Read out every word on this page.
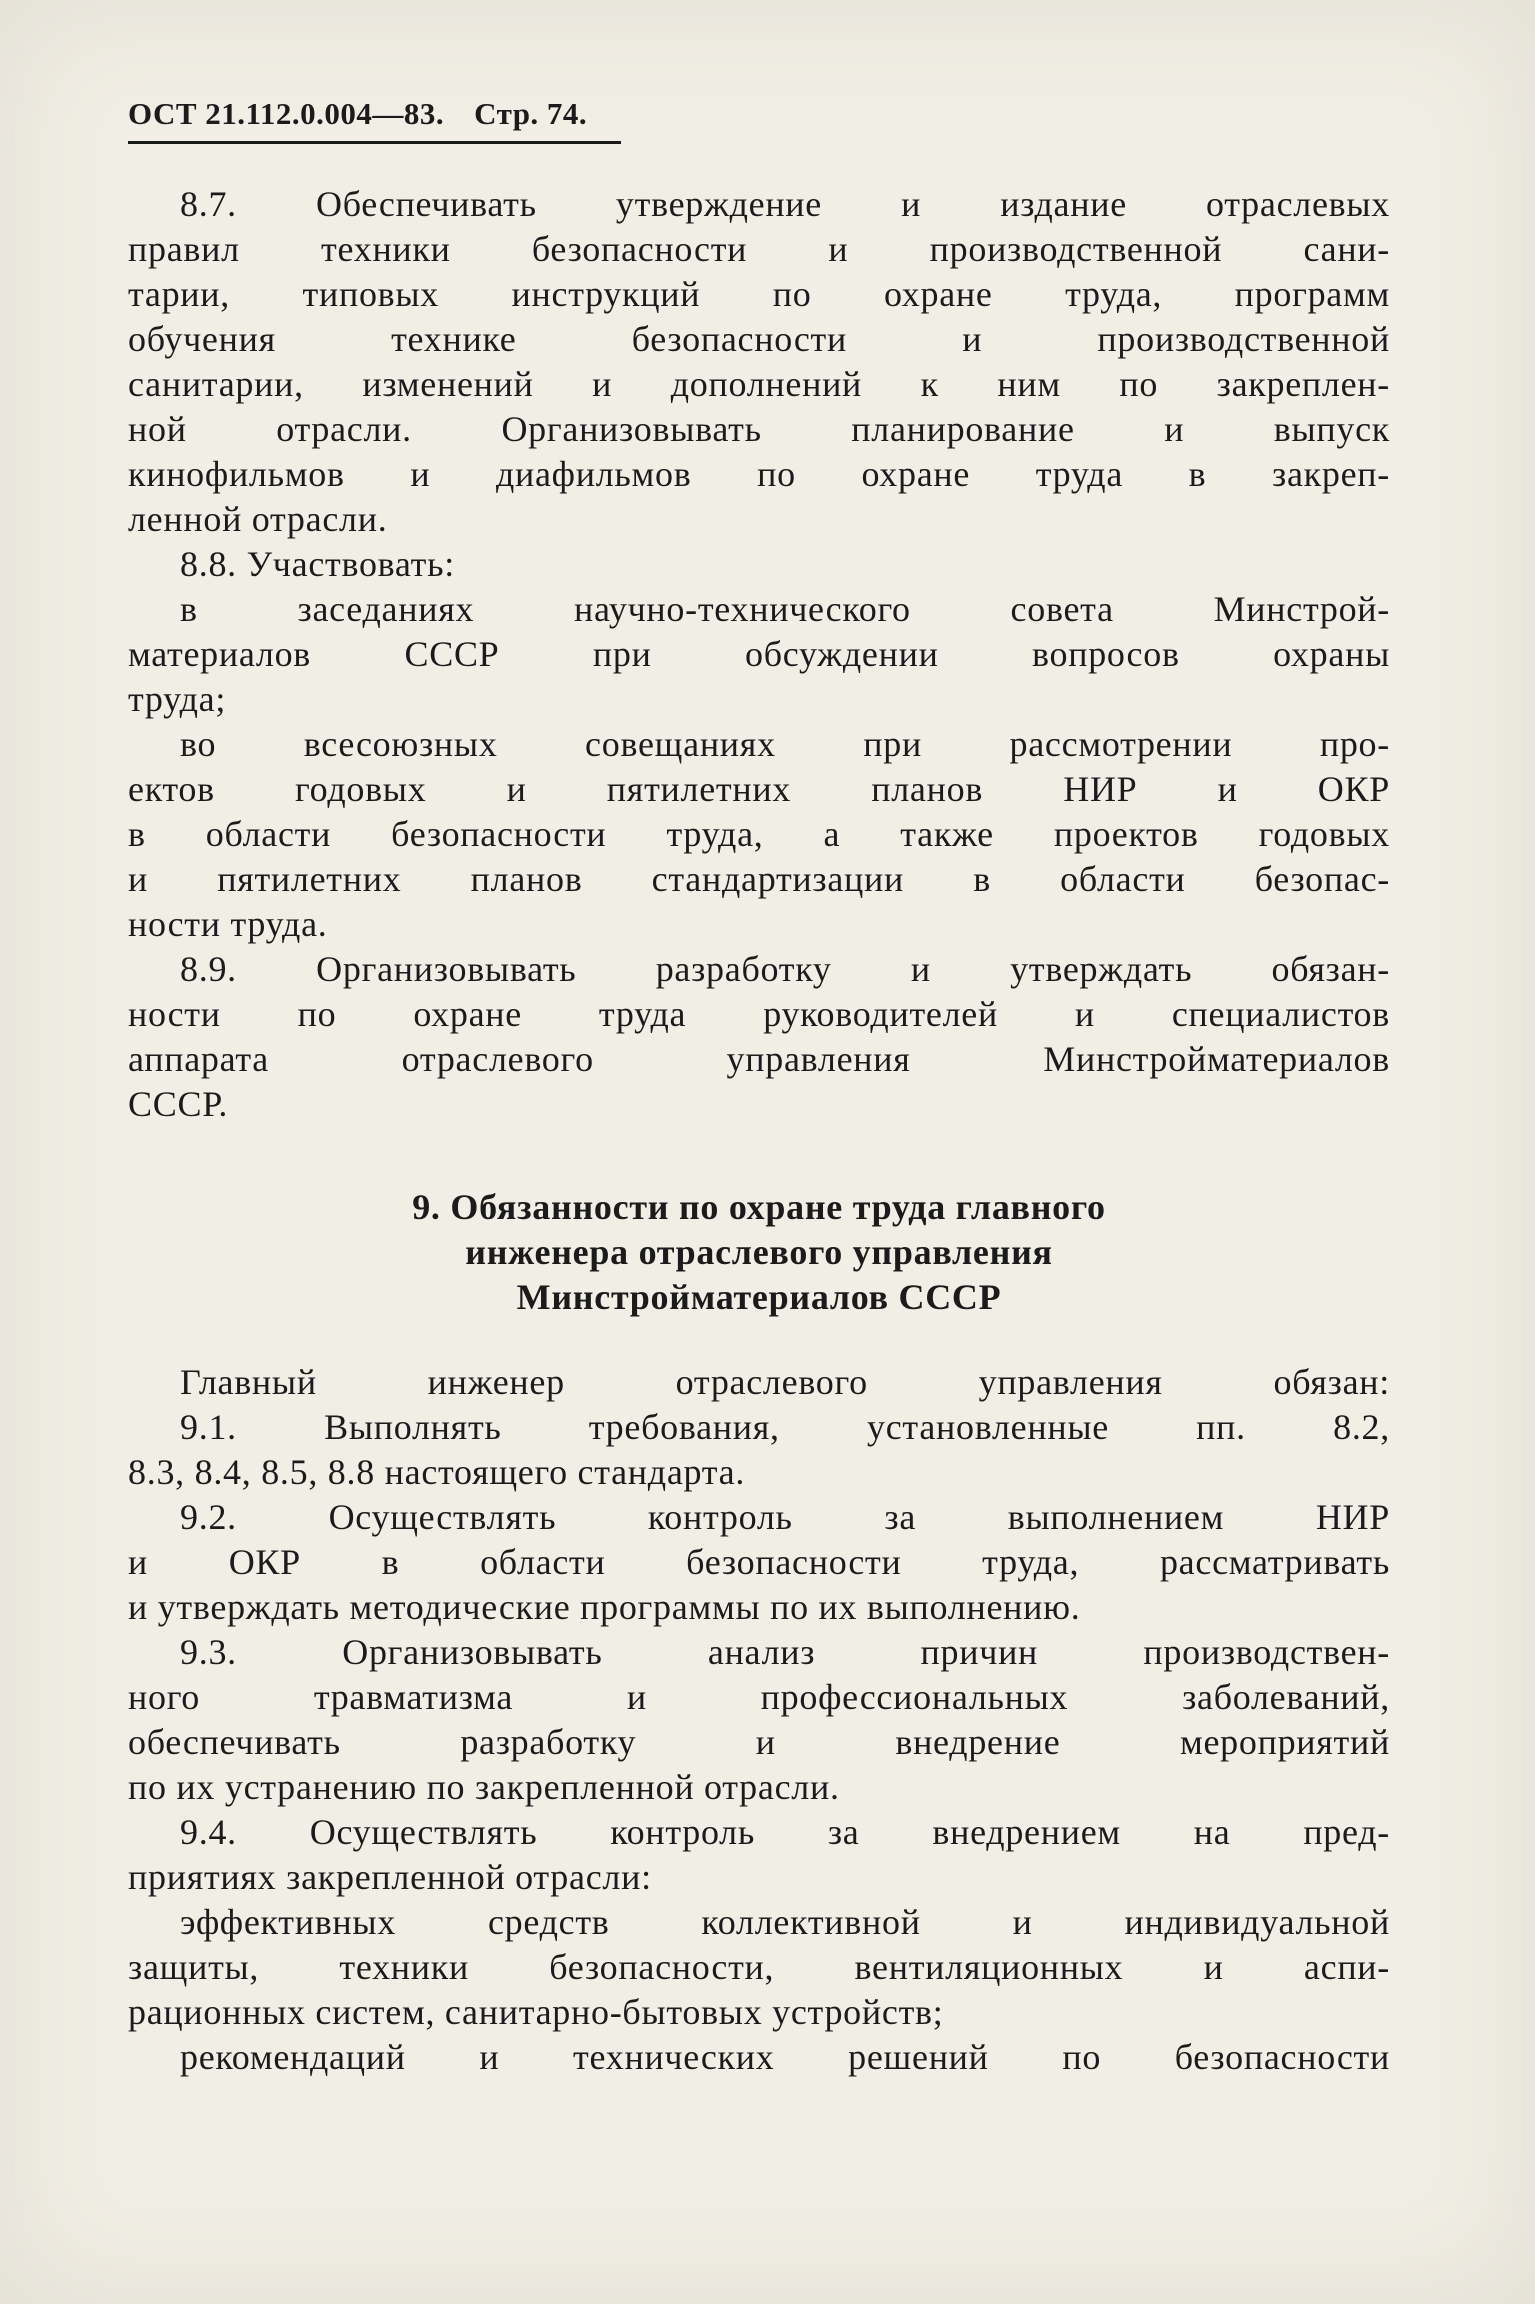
ОСТ 21.112.0.004—83. Стр. 74.
8.7. Обеспечивать утверждение и издание отраслевых
правил техники безопасности и производственной сани-
тарии, типовых инструкций по охране труда, программ
обучения технике безопасности и производственной
санитарии, изменений и дополнений к ним по закреплен-
ной отрасли. Организовывать планирование и выпуск
кинофильмов и диафильмов по охране труда в закреп-
ленной отрасли.
8.8. Участвовать:
в заседаниях научно-технического совета Минстрой-
материалов СССР при обсуждении вопросов охраны
труда;
во всесоюзных совещаниях при рассмотрении про-
ектов годовых и пятилетних планов НИР и ОКР
в области безопасности труда, а также проектов годовых
и пятилетних планов стандартизации в области безопас-
ности труда.
8.9. Организовывать разработку и утверждать обязан-
ности по охране труда руководителей и специалистов
аппарата отраслевого управления Минстройматериалов
СССР.
9. Обязанности по охране труда главного
инженера отраслевого управления
Минстройматериалов СССР
Главный инженер отраслевого управления обязан:
9.1. Выполнять требования, установленные пп. 8.2,
8.3, 8.4, 8.5, 8.8 настоящего стандарта.
9.2. Осуществлять контроль за выполнением НИР
и ОКР в области безопасности труда, рассматривать
и утверждать методические программы по их выполнению.
9.3. Организовывать анализ причин производствен-
ного травматизма и профессиональных заболеваний,
обеспечивать разработку и внедрение мероприятий
по их устранению по закрепленной отрасли.
9.4. Осуществлять контроль за внедрением на пред-
приятиях закрепленной отрасли:
эффективных средств коллективной и индивидуальной
защиты, техники безопасности, вентиляционных и аспи-
рационных систем, санитарно-бытовых устройств;
рекомендаций и технических решений по безопасности
